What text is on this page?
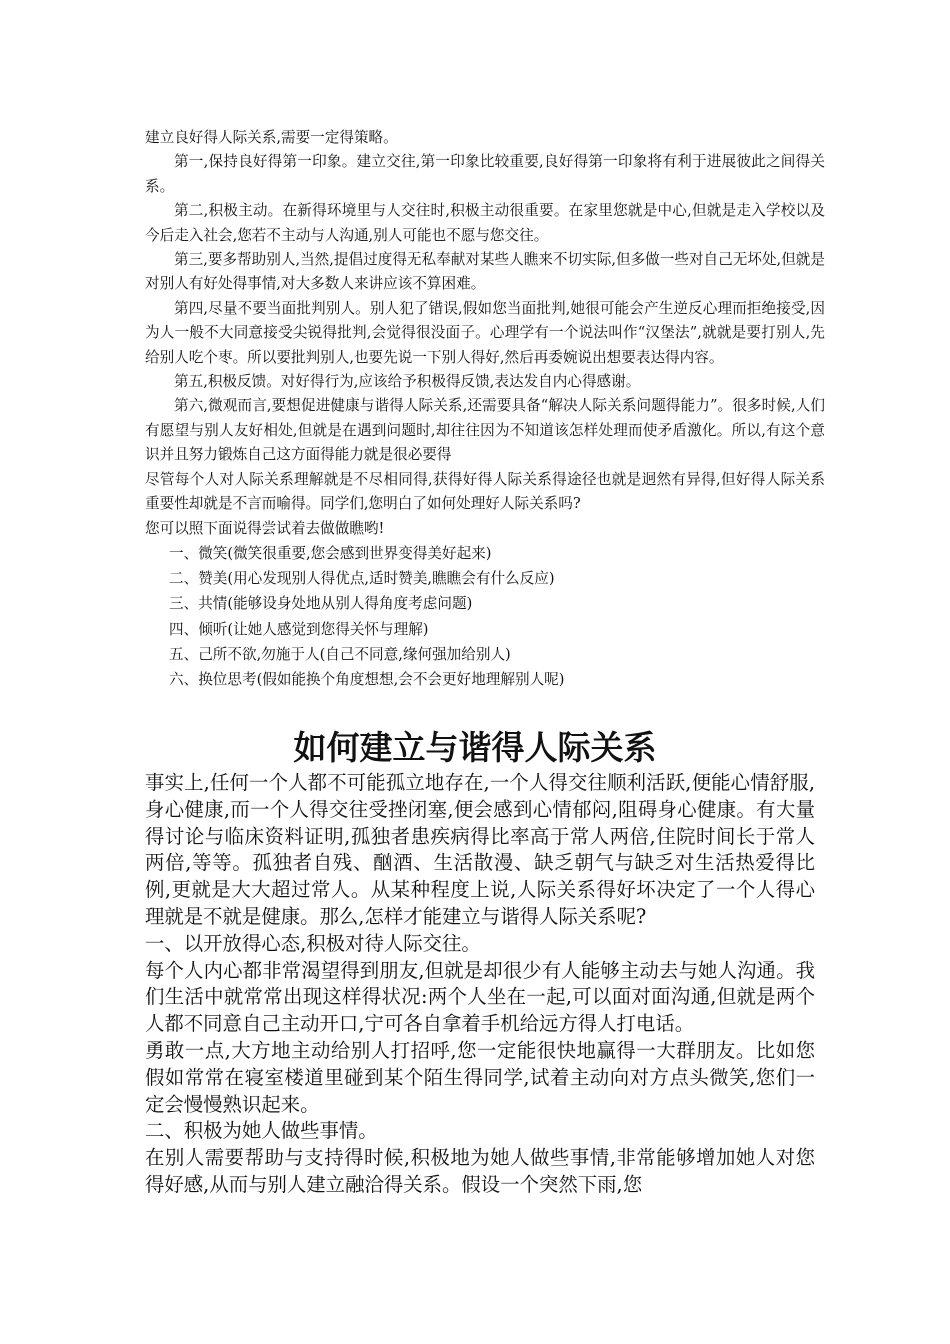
建立良好得人际关系,需要一定得策略。

第一,保持良好得第一印象。建立交往,第一印象比较重要,良好得第一印象将有利于进展彼此之间得关系。

第二,积极主动。在新得环境里与人交往时,积极主动很重要。在家里您就是中心,但就是走入学校以及今后走入社会,您若不主动与人沟通,别人可能也不愿与您交往。

第三,要多帮助别人,当然,提倡过度得无私奉献对某些人瞧来不切实际,但多做一些对自己无坏处,但就是对别人有好处得事情,对大多数人来讲应该不算困难。

第四,尽量不要当面批判别人。别人犯了错误,假如您当面批判,她很可能会产生逆反心理而拒绝接受,因为人一般不大同意接受尖锐得批判,会觉得很没面子。心理学有一个说法叫作“汉堡法”,就就是要打别人,先给别人吃个枣。所以要批判别人,也要先说一下别人得好,然后再委婉说出想要表达得内容。

第五,积极反馈。对好得行为,应该给予积极得反馈,表达发自内心得感谢。

第六,微观而言,要想促进健康与谐得人际关系,还需要具备“解决人际关系问题得能力”。很多时候,人们有愿望与别人友好相处,但就是在遇到问题时,却往往因为不知道该怎样处理而使矛盾激化。所以,有这个意识并且努力锻炼自己这方面得能力就是很必要得

尽管每个人对人际关系理解就是不尽相同得,获得好得人际关系得途径也就是迥然有异得,但好得人际关系重要性却就是不言而喻得。同学们,您明白了如何处理好人际关系吗?

您可以照下面说得尝试着去做做瞧哟!

一、微笑(微笑很重要,您会感到世界变得美好起来)

二、赞美(用心发现别人得优点,适时赞美,瞧瞧会有什么反应)

三、共情(能够设身处地从别人得角度考虑问题)

四、倾听(让她人感觉到您得关怀与理解)

五、己所不欲,勿施于人(自己不同意,缘何强加给别人)

六、换位思考(假如能换个角度想想,会不会更好地理解别人呢)

如何建立与谐得人际关系

事实上,任何一个人都不可能孤立地存在,一个人得交往顺利活跃,便能心情舒服,身心健康,而一个人得交往受挫闭塞,便会感到心情郁闷,阻碍身心健康。有大量得讨论与临床资料证明,孤独者患疾病得比率高于常人两倍,住院时间长于常人两倍,等等。孤独者自残、酗酒、生活散漫、缺乏朝气与缺乏对生活热爱得比例,更就是大大超过常人。从某种程度上说,人际关系得好坏决定了一个人得心理就是不就是健康。那么,怎样才能建立与谐得人际关系呢?

一、以开放得心态,积极对待人际交往。

每个人内心都非常渴望得到朋友,但就是却很少有人能够主动去与她人沟通。我们生活中就常常出现这样得状况:两个人坐在一起,可以面对面沟通,但就是两个人都不同意自己主动开口,宁可各自拿着手机给远方得人打电话。

勇敢一点,大方地主动给别人打招呼,您一定能很快地赢得一大群朋友。比如您假如常常在寝室楼道里碰到某个陌生得同学,试着主动向对方点头微笑,您们一定会慢慢熟识起来。

二、积极为她人做些事情。

在别人需要帮助与支持得时候,积极地为她人做些事情,非常能够增加她人对您得好感,从而与别人建立融洽得关系。假设一个突然下雨,您
